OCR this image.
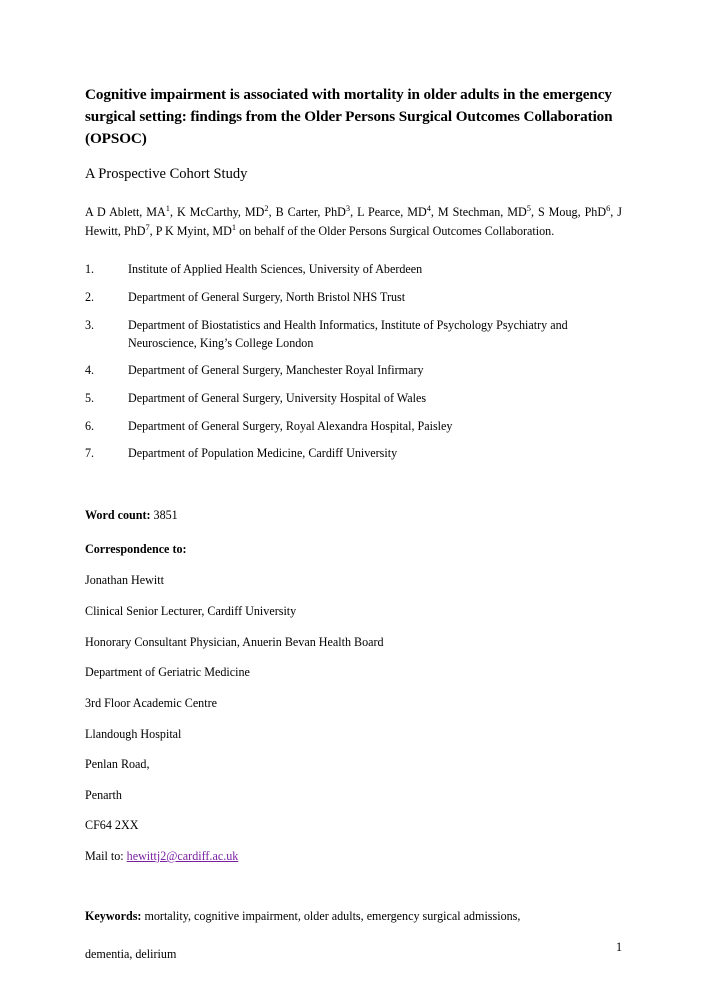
Cognitive impairment is associated with mortality in older adults in the emergency surgical setting: findings from the Older Persons Surgical Outcomes Collaboration (OPSOC)
A Prospective Cohort Study
A D Ablett, $MA^1$, K McCarthy, $MD^2$, B Carter, PhD$^3$, L Pearce, $MD^4$, M Stechman, $MD^5$, S Moug, PhD$^6$, J Hewitt, PhD$^7$, P K Myint, $MD^1$ on behalf of the Older Persons Surgical Outcomes Collaboration.
1.	Institute of Applied Health Sciences, University of Aberdeen
2.	Department of General Surgery, North Bristol NHS Trust
3.	Department of Biostatistics and Health Informatics, Institute of Psychology Psychiatry and Neuroscience, King’s College London
4.	Department of General Surgery, Manchester Royal Infirmary
5.	Department of General Surgery, University Hospital of Wales
6.	Department of General Surgery, Royal Alexandra Hospital, Paisley
7.	Department of Population Medicine, Cardiff University
Word count: 3851
Correspondence to:
Jonathan Hewitt
Clinical Senior Lecturer, Cardiff University
Honorary Consultant Physician, Anuerin Bevan Health Board
Department of Geriatric Medicine
3rd Floor Academic Centre
Llandough Hospital
Penlan Road,
Penarth
CF64 2XX
Mail to: hewittj2@cardiff.ac.uk
Keywords: mortality, cognitive impairment, older adults, emergency surgical admissions,
dementia, delirium
1
